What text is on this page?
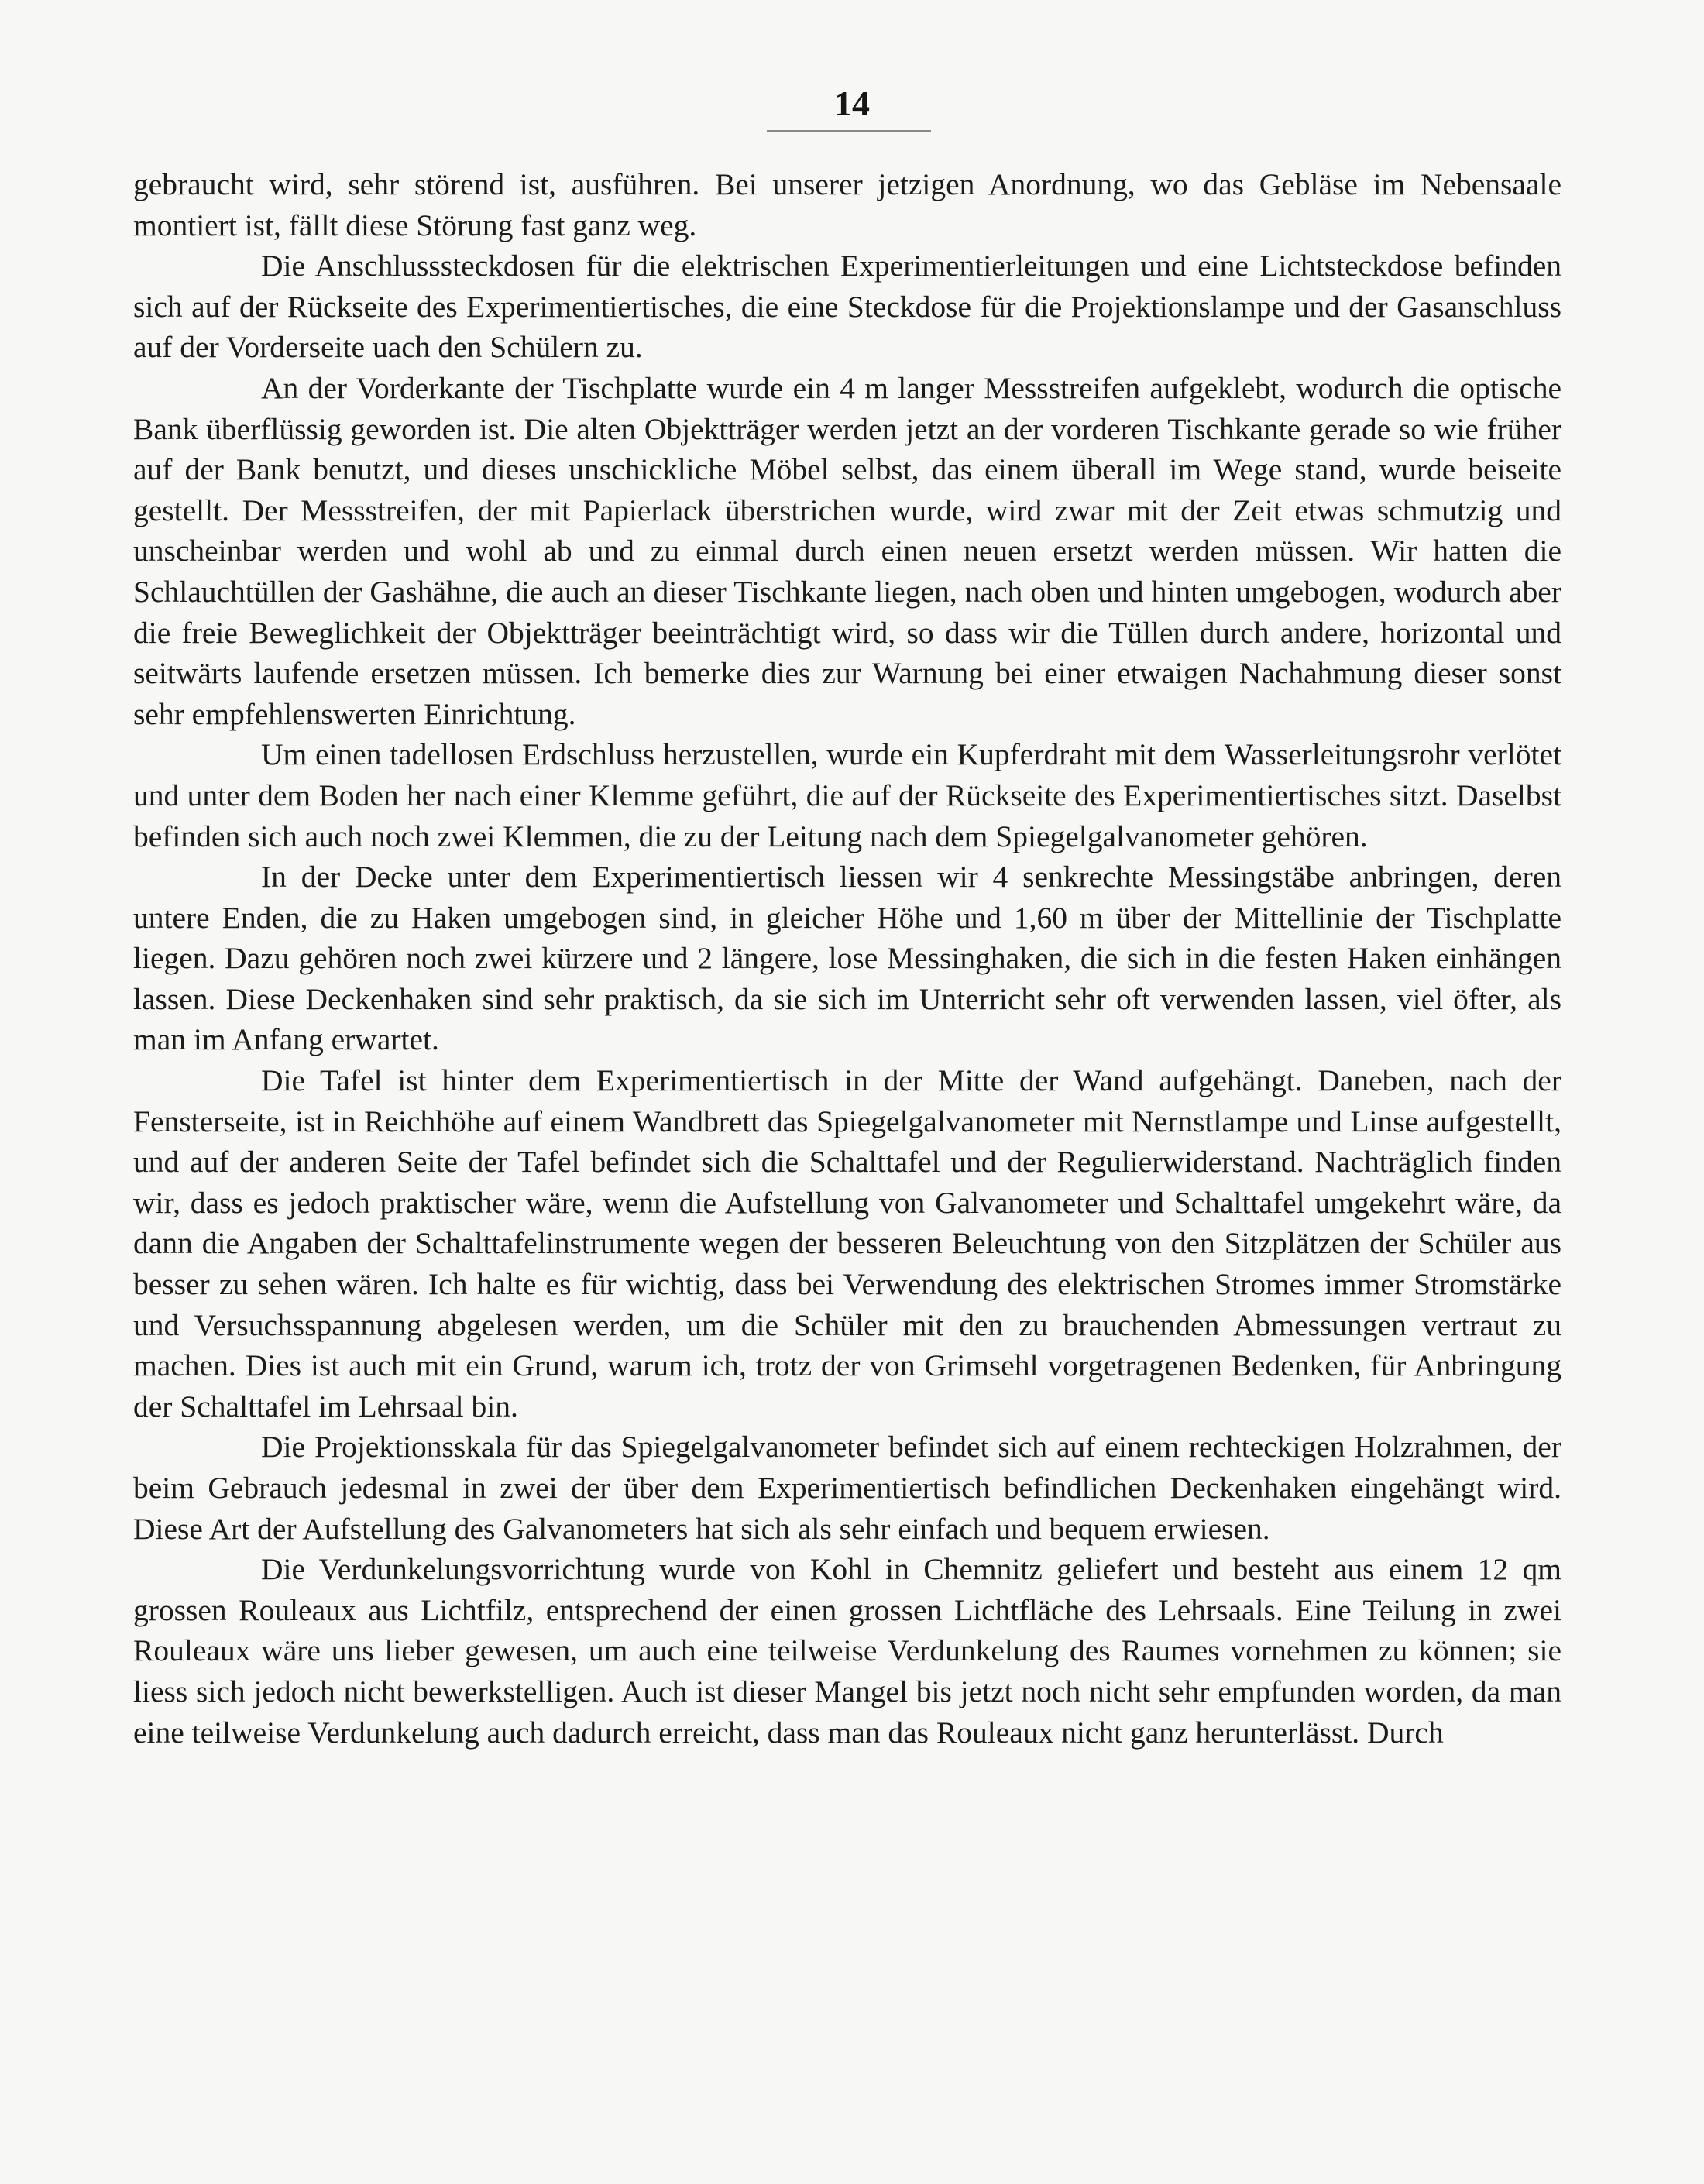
14

gebraucht wird, sehr störend ist, ausführen. Bei unserer jetzigen Anordnung, wo das Gebläse im Nebensaale montiert ist, fällt diese Störung fast ganz weg.

Die Anschlusssteckdosen für die elektrischen Experimentierleitungen und eine Lichtsteckdose befinden sich auf der Rückseite des Experimentiertisches, die eine Steckdose für die Projektionslampe und der Gasanschluss auf der Vorderseite uach den Schülern zu.

An der Vorderkante der Tischplatte wurde ein 4 m langer Messstreifen aufgeklebt, wodurch die optische Bank überflüssig geworden ist. Die alten Objektträger werden jetzt an der vorderen Tischkante gerade so wie früher auf der Bank benutzt, und dieses unschickliche Möbel selbst, das einem überall im Wege stand, wurde beiseite gestellt. Der Messstreifen, der mit Papierlack überstrichen wurde, wird zwar mit der Zeit etwas schmutzig und unscheinbar werden und wohl ab und zu einmal durch einen neuen ersetzt werden müssen. Wir hatten die Schlauchtüllen der Gashähne, die auch an dieser Tischkante liegen, nach oben und hinten umgebogen, wodurch aber die freie Beweglichkeit der Objektträger beeinträchtigt wird, so dass wir die Tüllen durch andere, horizontal und seitwärts laufende ersetzen müssen. Ich bemerke dies zur Warnung bei einer etwaigen Nachahmung dieser sonst sehr empfehlenswerten Einrichtung.

Um einen tadellosen Erdschluss herzustellen, wurde ein Kupferdraht mit dem Wasserleitungsrohr verlötet und unter dem Boden her nach einer Klemme geführt, die auf der Rückseite des Experimentiertisches sitzt. Daselbst befinden sich auch noch zwei Klemmen, die zu der Leitung nach dem Spiegelgalvanometer gehören.

In der Decke unter dem Experimentiertisch liessen wir 4 senkrechte Messingstäbe anbringen, deren untere Enden, die zu Haken umgebogen sind, in gleicher Höhe und 1,60 m über der Mittellinie der Tischplatte liegen. Dazu gehören noch zwei kürzere und 2 längere, lose Messinghaken, die sich in die festen Haken einhängen lassen. Diese Deckenhaken sind sehr praktisch, da sie sich im Unterricht sehr oft verwenden lassen, viel öfter, als man im Anfang erwartet.

Die Tafel ist hinter dem Experimentiertisch in der Mitte der Wand aufgehängt. Daneben, nach der Fensterseite, ist in Reichhöhe auf einem Wandbrett das Spiegelgalvanometer mit Nernstlampe und Linse aufgestellt, und auf der anderen Seite der Tafel befindet sich die Schalttafel und der Regulierwiderstand. Nachträglich finden wir, dass es jedoch praktischer wäre, wenn die Aufstellung von Galvanometer und Schalttafel umgekehrt wäre, da dann die Angaben der Schalttafelinstrumente wegen der besseren Beleuchtung von den Sitzplätzen der Schüler aus besser zu sehen wären. Ich halte es für wichtig, dass bei Verwendung des elektrischen Stromes immer Stromstärke und Versuchsspannung abgelesen werden, um die Schüler mit den zu brauchenden Abmessungen vertraut zu machen. Dies ist auch mit ein Grund, warum ich, trotz der von Grimsehl vorgetragenen Bedenken, für Anbringung der Schalttafel im Lehrsaal bin.

Die Projektionsskala für das Spiegelgalvanometer befindet sich auf einem rechteckigen Holzrahmen, der beim Gebrauch jedesmal in zwei der über dem Experimentiertisch befindlichen Deckenhaken eingehängt wird. Diese Art der Aufstellung des Galvanometers hat sich als sehr einfach und bequem erwiesen.

Die Verdunkelungsvorrichtung wurde von Kohl in Chemnitz geliefert und besteht aus einem 12 qm grossen Rouleaux aus Lichtfilz, entsprechend der einen grossen Lichtfläche des Lehrsaals. Eine Teilung in zwei Rouleaux wäre uns lieber gewesen, um auch eine teilweise Verdunkelung des Raumes vornehmen zu können; sie liess sich jedoch nicht bewerkstelligen. Auch ist dieser Mangel bis jetzt noch nicht sehr empfunden worden, da man eine teilweise Verdunkelung auch dadurch erreicht, dass man das Rouleaux nicht ganz herunterlässt. Durch
